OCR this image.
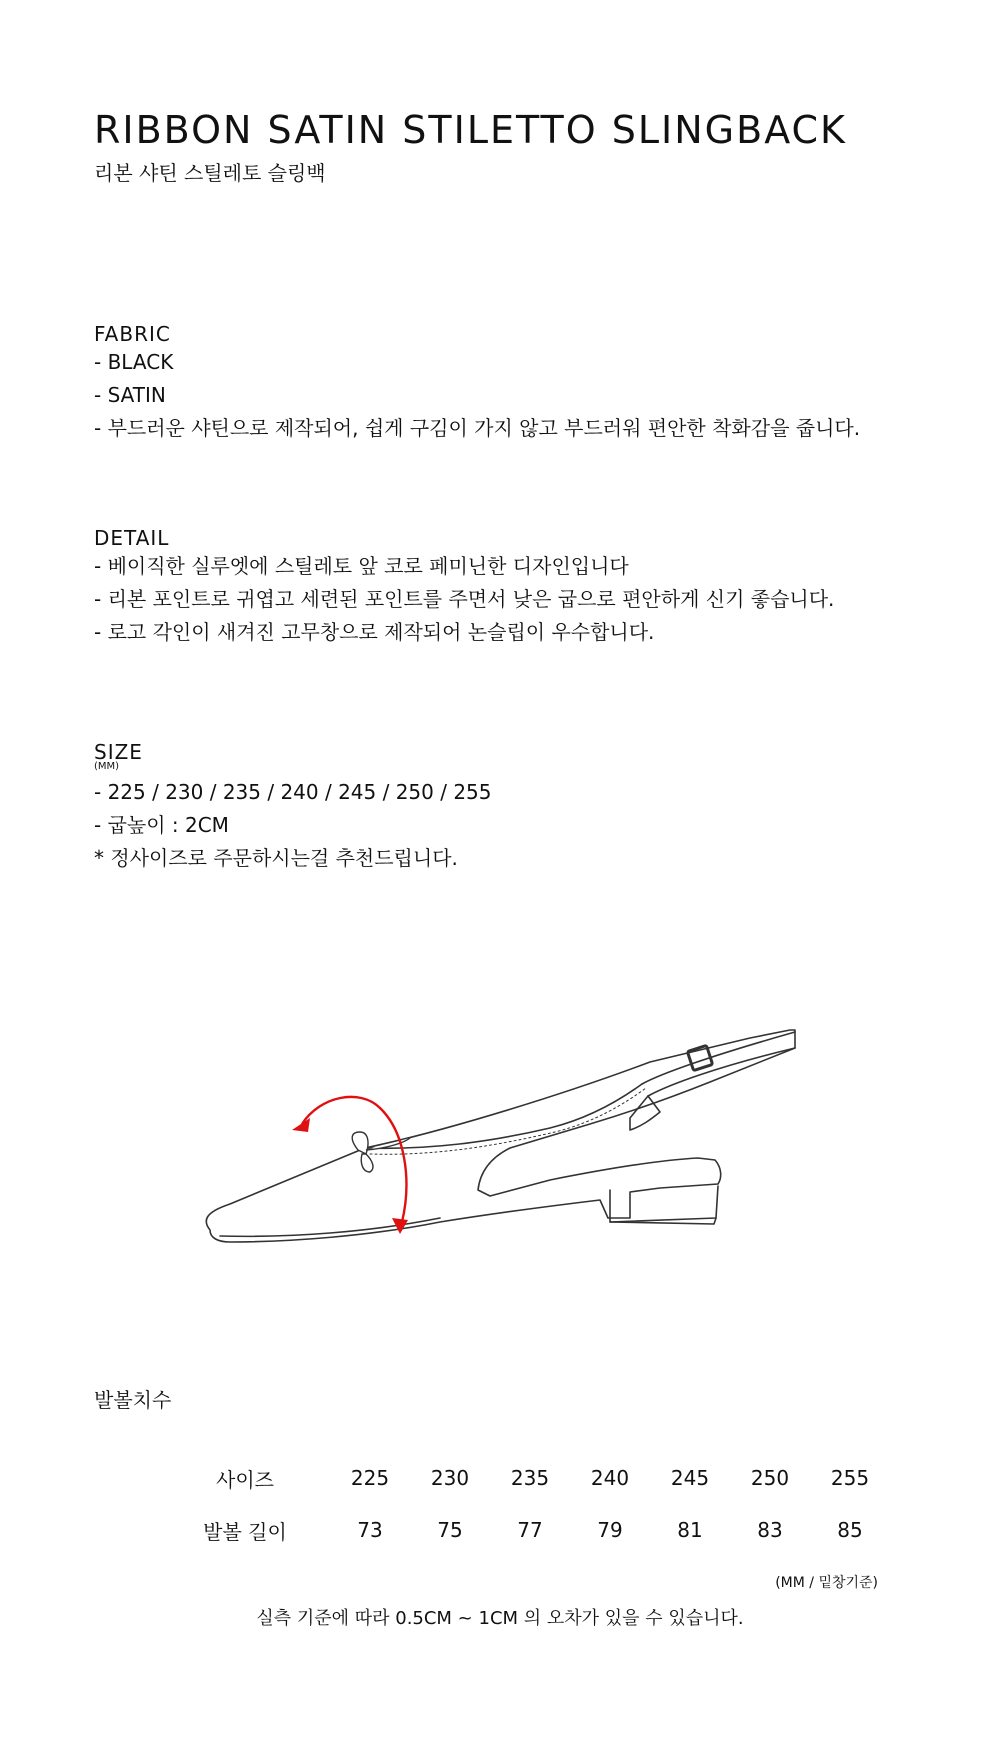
RIBBON SATIN STILETTO SLINGBACK
리본 샤틴 스틸레토 슬링백
FABRIC
- BLACK
- SATIN
- 부드러운 샤틴으로 제작되어, 쉽게 구김이 가지 않고 부드러워 편안한 착화감을 줍니다.
DETAIL
- 베이직한 실루엣에 스틸레토 앞 코로 페미닌한 디자인입니다
- 리본 포인트로 귀엽고 세련된 포인트를 주면서 낮은 굽으로 편안하게 신기 좋습니다.
- 로고 각인이 새겨진 고무창으로 제작되어 논슬립이 우수합니다.
SIZE
(MM)
- 225 / 230 / 235 / 240 / 245 / 250 / 255
- 굽높이 : 2CM
* 정사이즈로 주문하시는걸 추천드립니다.
발볼치수
사이즈	225	230	235	240	245	250	255
발볼 길이	73	75	77	79	81	83	85
(MM / 밑창기준)
실측 기준에 따라 0.5CM ~ 1CM 의 오차가 있을 수 있습니다.
